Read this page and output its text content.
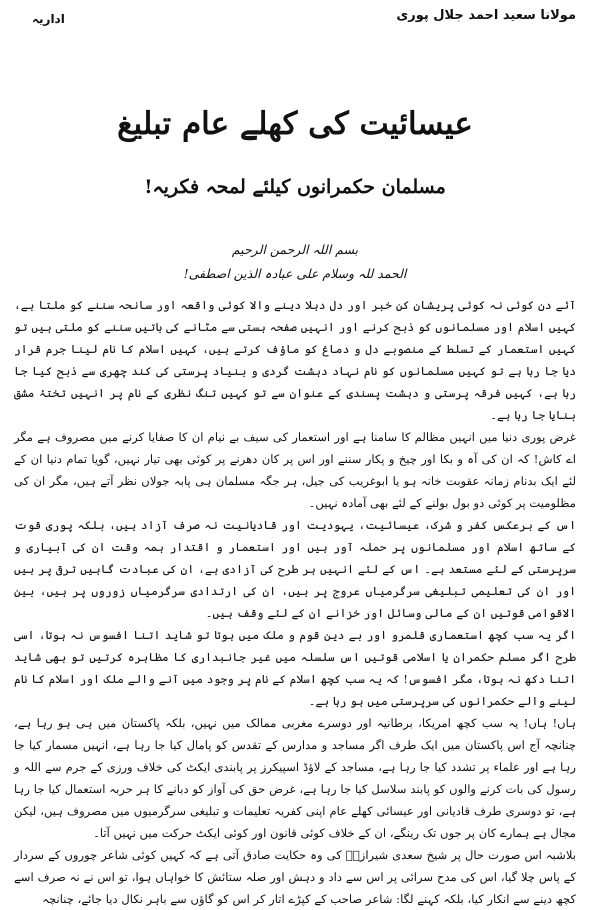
اداریہ	مولانا سعید احمد جلال پوری
عیسائیت کی کھلے عام تبلیغ
مسلمان حکمرانوں کیلئے لمحہ فکریہ!
بسم اللہ الرحمن الرحیم
الحمد للہ وسلام علی عبادہ الذین اصطفی!

آئے دن کوئی نہ کوئی پریشان کن خبر اور دل دہلا دینے والا کوئی واقعہ اور سانحہ سننے کو ملتا ہے، کہیں اسلام اور مسلمانوں کو ذبح کرنے اور انہیں صفحہ ہستی سے مٹانے کی باتیں سننے کو ملتی ہیں تو کہیں استعمار کے تسلط کے منصوبے دل و دماغ کو ماؤف کرتے ہیں، کہیں اسلام کا نام لینا جرم قرار دیا جا رہا ہے تو کہیں مسلمانوں کو نام نہاد دہشت گردی و بنیاد پرستی کی کند چھری سے ذبح کیا جا رہا ہے، کہیں فرقہ پرستی و دہشت پسندی کے عنوان سے تو کہیں تنگ نظری کے نام پر انہیں تختۂ مشق بنایا جا رہا ہے۔

غرض پوری دنیا میں انہیں مظالم کا سامنا ہے اور استعمار کی سیف بے نیام ان کا صفایا کرنے میں مصروف ہے مگر اے کاش! کہ ان کی آہ و بکا اور چیخ و پکار سننے اور اس پر کان دھرنے پر کوئی بھی تیار نہیں، گویا تمام دنیا ان کے لئے ایک بدنام زمانہ عقوبت خانہ ہو یا ابوغریب کی جیل، ہر جگہ مسلمان ہی پابہ جولاں نظر آتے ہیں، مگر ان کی مظلومیت پر کوئی دو بول بولنے کے لئے بھی آمادہ نہیں۔

اس کے برعکس کفر و شرک، عیسائیت، یہودیت اور قادیانیت نہ صرف آزاد ہیں، بلکہ پوری قوت کے ساتھ اسلام اور مسلمانوں پر حملہ آور ہیں اور استعمار و اقتدار ہمہ وقت ان کی آبیاری و سرپرستی کے لئے مستعد ہے۔ اس کے لئے انہیں ہر طرح کی آزادی ہے، ان کی عبادت گاہیں ترقی پر ہیں اور ان کی تعلیمی تبلیغی سرگرمیاں عروج پر ہیں، ان کی ارتدادی سرگرمیاں زوروں پر ہیں، بین الاقوامی قوتیں ان کے مالی وسائل اور خزانے ان کے لئے وقف ہیں۔

اگر یہ سب کچھ استعماری قلمرو اور بے دین قوم و ملک میں ہوتا تو شاید اتنا افسوس نہ ہوتا، اسی طرح اگر مسلم حکمران یا اسلامی قوتیں اس سلسلہ میں غیر جانبداری کا مظاہرہ کرتیں تو بھی شاید اتنا دکھ نہ ہوتا، مگر افسوس! کہ یہ سب کچھ اسلام کے نام پر وجود میں آنے والے ملک اور اسلام کا نام لینے والے حکمرانوں کی سرپرستی میں ہو رہا ہے۔

ہاں! ہاں! یہ سب کچھ امریکا، برطانیہ اور دوسرے مغربی ممالک میں نہیں، بلکہ پاکستان میں ہی ہو رہا ہے، چنانچہ آج اس پاکستان میں ایک طرف اگر مساجد و مدارس کے تقدس کو پامال کیا جا رہا ہے، انہیں مسمار کیا جا رہا ہے اور علماء پر تشدد کیا جا رہا ہے، مساجد کے لاؤڈ اسپیکرز پر پابندی ایکٹ کی خلاف ورزی کے جرم سے اللہ و رسول کی بات کرنے والوں کو پابند سلاسل کیا جا رہا ہے، غرض حق کی آواز کو دبانے کا ہر حربہ استعمال کیا جا رہا ہے، تو دوسری طرف قادیانی اور عیسائی کھلے عام اپنی کفریہ تعلیمات و تبلیغی سرگرمیوں میں مصروف ہیں، لیکن مجال ہے ہمارے کان پر جوں تک رینگے، ان کے خلاف کوئی قانون اور کوئی ایکٹ حرکت میں نہیں آتا۔

بلاشبہ اس صورت حال پر شیخ سعدی شیرازیؒ کی وہ حکایت صادق آتی ہے کہ کہیں کوئی شاعر چوروں کے سردار کے پاس چلا گیا، اس کی مدح سرائی پر اس سے داد و دہش اور صلہ ستائش کا خواہاں ہوا، تو اس نے نہ صرف اسے کچھ دینے سے انکار کیا، بلکہ کہنے لگا: شاعر صاحب کے کپڑے اتار کر اس کو گاؤں سے باہر نکال دیا جائے، چنانچہ
